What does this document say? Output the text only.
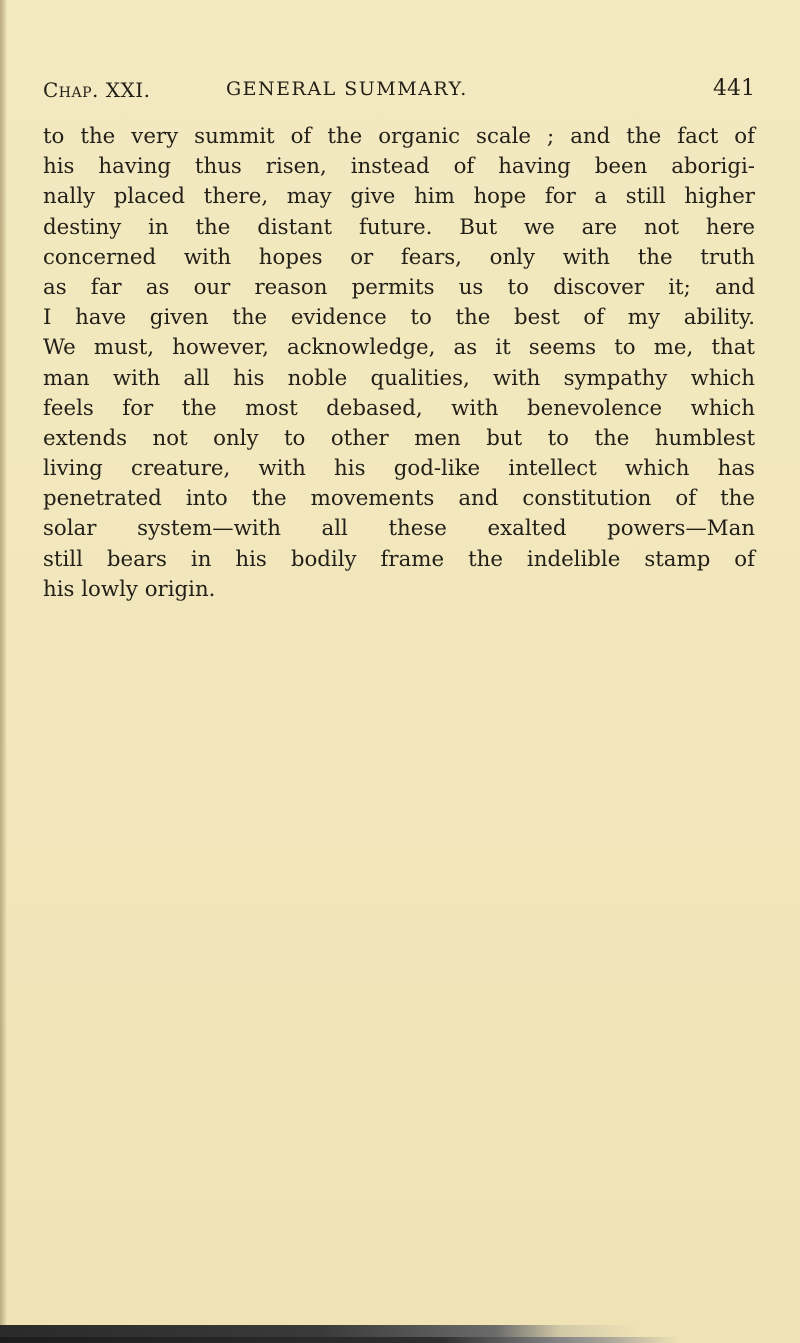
Chap. XXI.	GENERAL SUMMARY.	441
to the very summit of the organic scale ; and the fact of
his having thus risen, instead of having been aborigi-
nally placed there, may give him hope for a still higher
destiny in the distant future. But we are not here
concerned with hopes or fears, only with the truth
as far as our reason permits us to discover it; and
I have given the evidence to the best of my ability.
We must, however, acknowledge, as it seems to me, that
man with all his noble qualities, with sympathy which
feels for the most debased, with benevolence which
extends not only to other men but to the humblest
living creature, with his god-like intellect which has
penetrated into the movements and constitution of the
solar system—with all these exalted powers—Man
still bears in his bodily frame the indelible stamp of
his lowly origin.
